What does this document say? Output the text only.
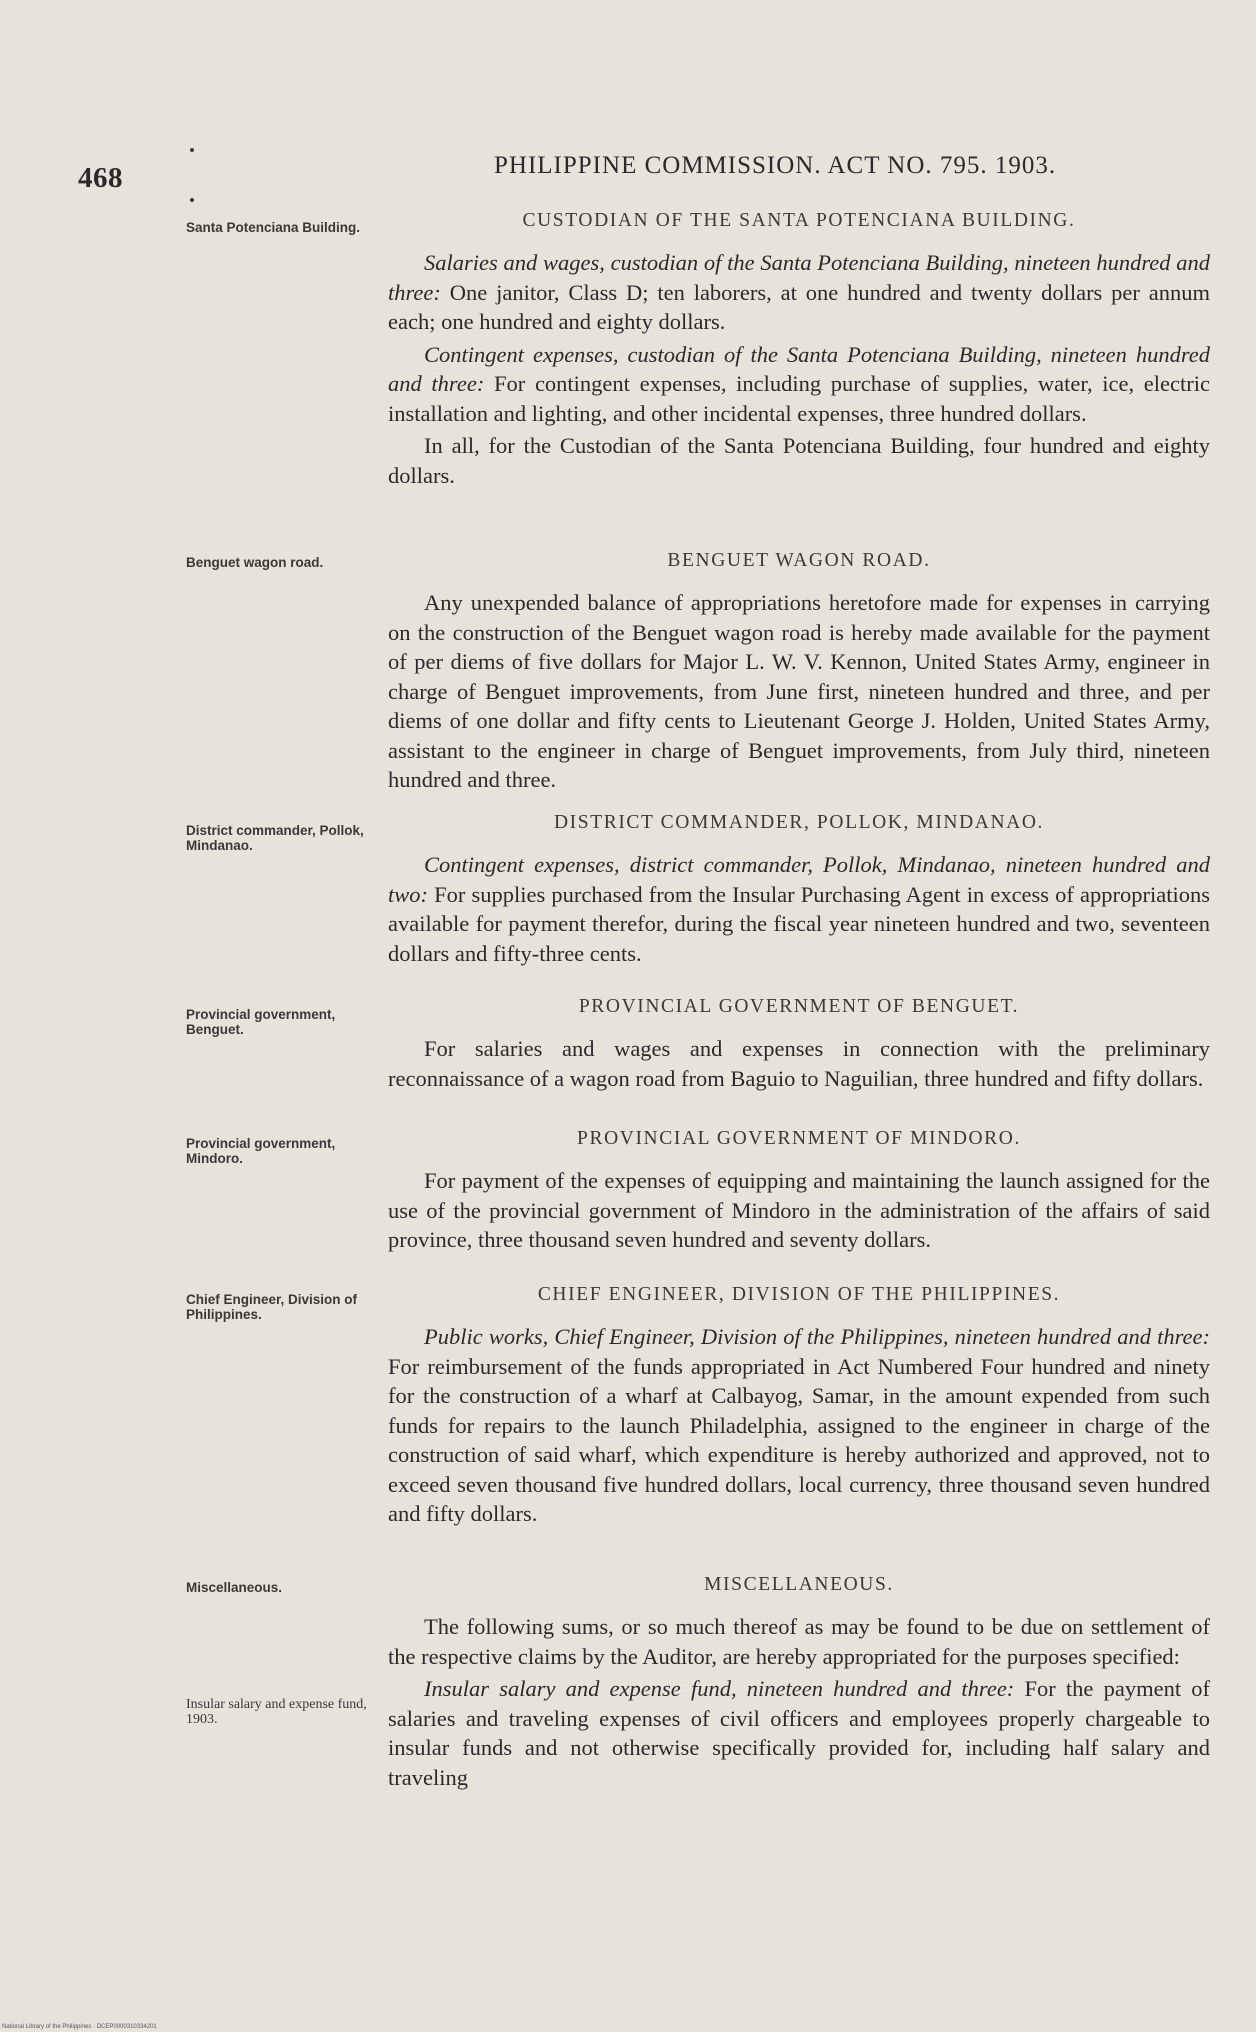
468	PHILIPPINE COMMISSION. ACT NO. 795. 1903.
Santa Potenciana Building.	CUSTODIAN OF THE SANTA POTENCIANA BUILDING.

Salaries and wages, custodian of the Santa Potenciana Building, nineteen hundred and three: One janitor, Class D; ten laborers, at one hundred and twenty dollars per annum each; one hundred and eighty dollars.

Contingent expenses, custodian of the Santa Potenciana Building, nineteen hundred and three: For contingent expenses, including purchase of supplies, water, ice, electric installation and lighting, and other incidental expenses, three hundred dollars.

In all, for the Custodian of the Santa Potenciana Building, four hundred and eighty dollars.

Benguet wagon road.	BENGUET WAGON ROAD.

Any unexpended balance of appropriations heretofore made for expenses in carrying on the construction of the Benguet wagon road is hereby made available for the payment of per diems of five dollars for Major L. W. V. Kennon, United States Army, engineer in charge of Benguet improvements, from June first, nineteen hundred and three, and per diems of one dollar and fifty cents to Lieutenant George J. Holden, United States Army, assistant to the engineer in charge of Benguet improvements, from July third, nineteen hundred and three.

District commander, Pollok, Mindanao.
DISTRICT COMMANDER, POLLOK, MINDANAO.

Contingent expenses, district commander, Pollok, Mindanao, nineteen hundred and two: For supplies purchased from the Insular Purchasing Agent in excess of appropriations available for payment therefor, during the fiscal year nineteen hundred and two, seventeen dollars and fifty-three cents.

Provincial government, Benguet.
PROVINCIAL GOVERNMENT OF BENGUET.

For salaries and wages and expenses in connection with the preliminary reconnaissance of a wagon road from Baguio to Naguilian, three hundred and fifty dollars.

Provincial government, Mindoro.
PROVINCIAL GOVERNMENT OF MINDORO.

For payment of the expenses of equipping and maintaining the launch assigned for the use of the provincial government of Mindoro in the administration of the affairs of said province, three thousand seven hundred and seventy dollars.

Chief Engineer, Division of Philippines.
CHIEF ENGINEER, DIVISION OF THE PHILIPPINES.

Public works, Chief Engineer, Division of the Philippines, nineteen hundred and three: For reimbursement of the funds appropriated in Act Numbered Four hundred and ninety for the construction of a wharf at Calbayog, Samar, in the amount expended from such funds for repairs to the launch Philadelphia, assigned to the engineer in charge of the construction of said wharf, which expenditure is hereby authorized and approved, not to exceed seven thousand five hundred dollars, local currency, three thousand seven hundred and fifty dollars.

Miscellaneous.
Insular salary and expense fund, 1903.
MISCELLANEOUS.

The following sums, or so much thereof as may be found to be due on settlement of the respective claims by the Auditor, are hereby appropriated for the purposes specified:

Insular salary and expense fund, nineteen hundred and three: For the payment of salaries and traveling expenses of civil officers and employees properly chargeable to insular funds and not otherwise specifically provided for, including half salary and traveling

National Library of the Philippines · DCEP0000310334201
